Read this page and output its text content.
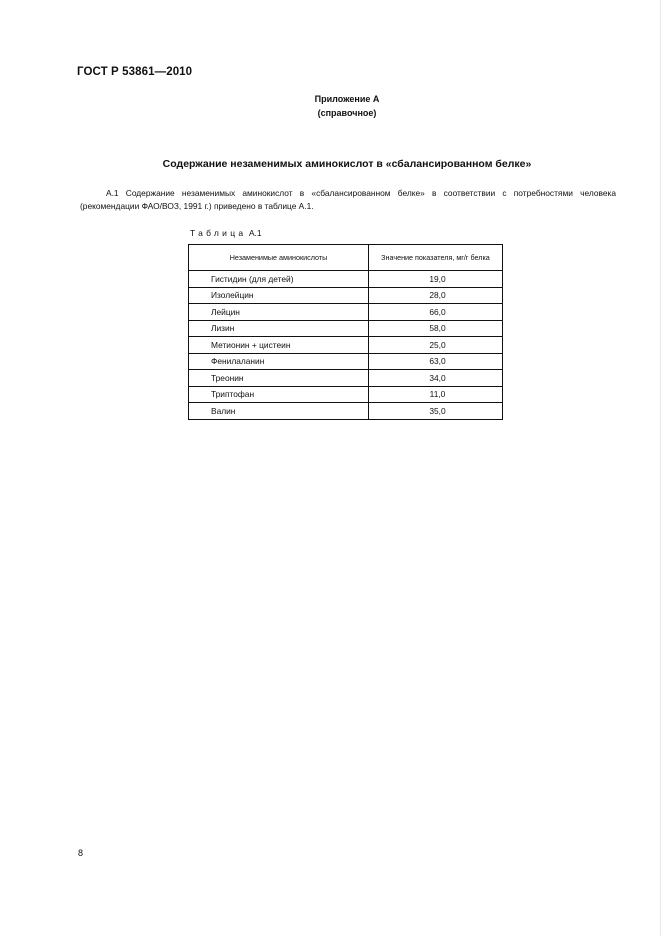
ГОСТ Р 53861—2010
Приложение А
(справочное)
Содержание незаменимых аминокислот в «сбалансированном белке»
А.1 Содержание незаменимых аминокислот в «сбалансированном белке» в соответствии с потребностями человека (рекомендации ФАО/ВОЗ, 1991 г.) приведено в таблице А.1.
Таблица А.1
Незаменимые аминокислоты	Значение показателя, мг/г белка
Гистидин (для детей)	19,0
Изолейцин	28,0
Лейцин	66,0
Лизин	58,0
Метионин + цистеин	25,0
Фенилаланин	63,0
Треонин	34,0
Триптофан	11,0
Валин	35,0
8
